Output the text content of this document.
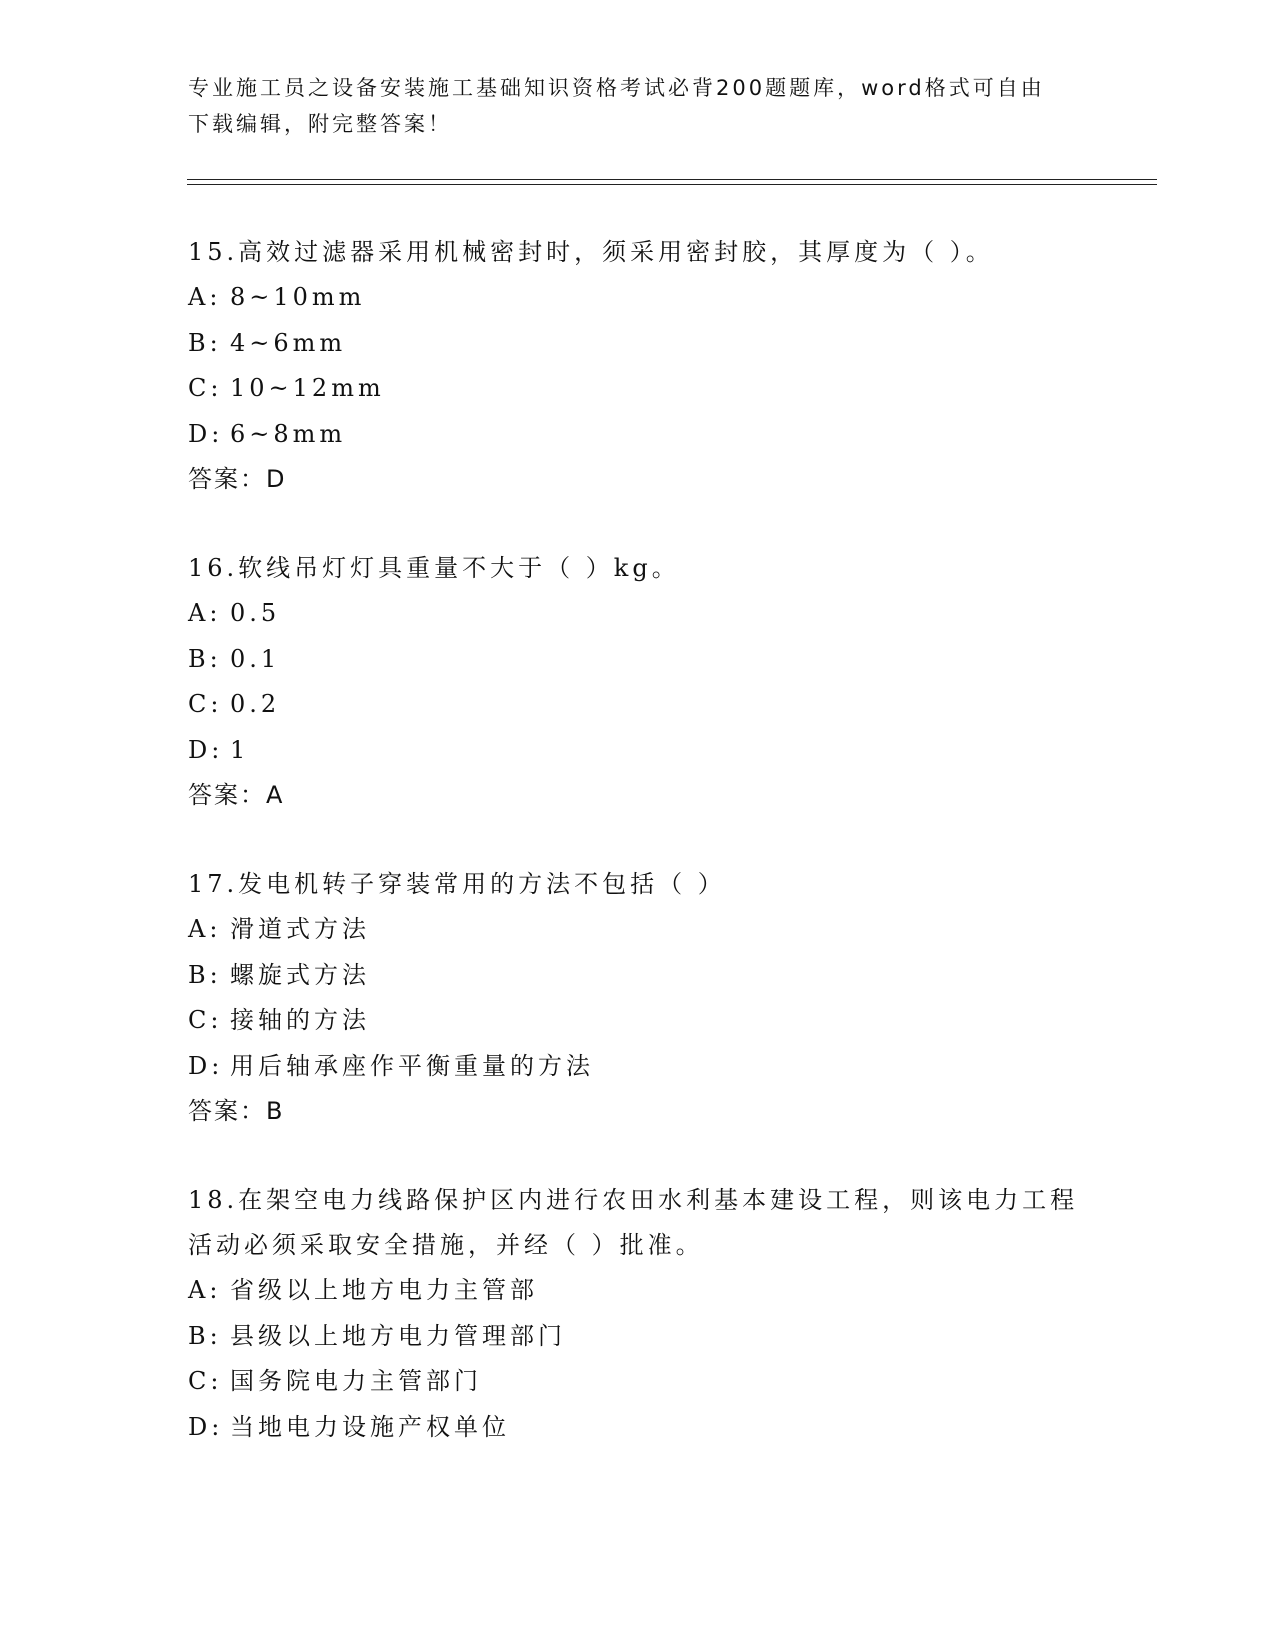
专业施工员之设备安装施工基础知识资格考试必背200题题库，word格式可自由下载编辑，附完整答案！
15.高效过滤器采用机械密封时，须采用密封胶，其厚度为（ ）。
A: 8~10mm
B: 4~6mm
C: 10~12mm
D: 6~8mm
答案：D
16.软线吊灯灯具重量不大于（ ）kg。
A: 0.5
B: 0.1
C: 0.2
D: 1
答案：A
17.发电机转子穿装常用的方法不包括（ ）
A: 滑道式方法
B: 螺旋式方法
C: 接轴的方法
D: 用后轴承座作平衡重量的方法
答案：B
18.在架空电力线路保护区内进行农田水利基本建设工程，则该电力工程活动必须采取安全措施，并经（ ）批准。
A: 省级以上地方电力主管部
B: 县级以上地方电力管理部门
C: 国务院电力主管部门
D: 当地电力设施产权单位
